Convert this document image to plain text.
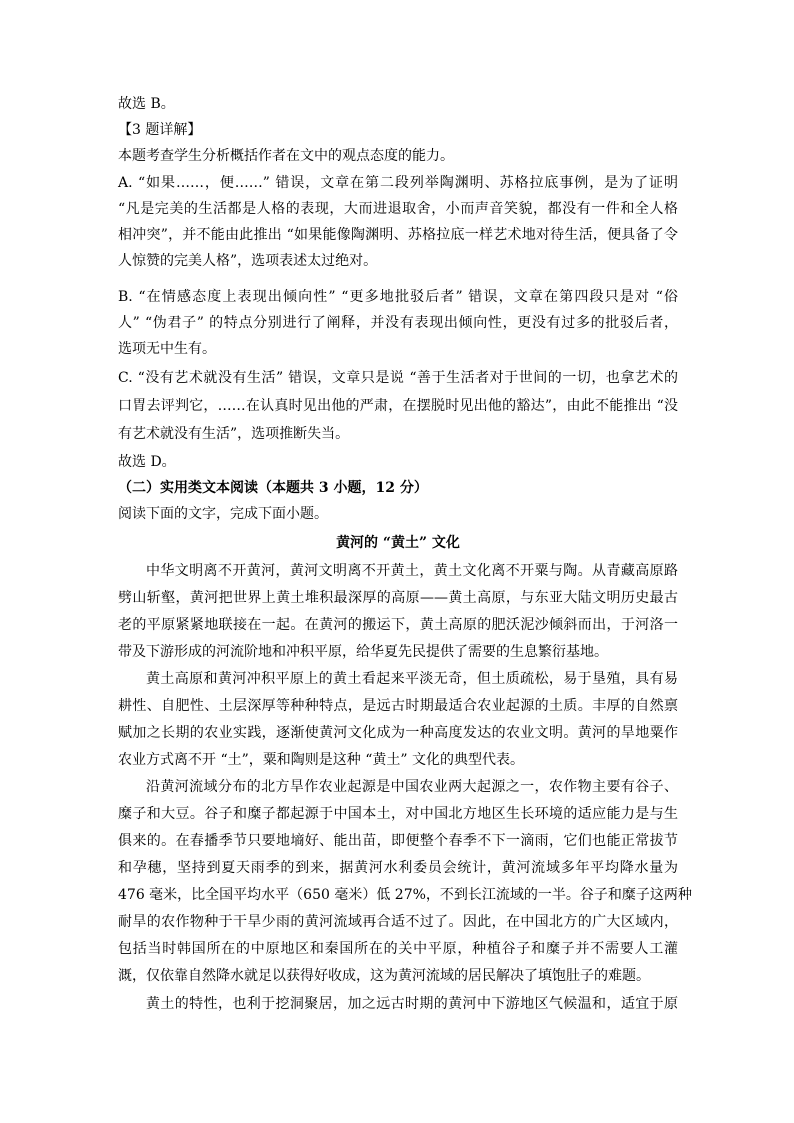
故选 B。
【3 题详解】
本题考查学生分析概括作者在文中的观点态度的能力。
A. “如果……，便……” 错误，文章在第二段列举陶渊明、苏格拉底事例，是为了证明
“凡是完美的生活都是人格的表现，大而进退取舍，小而声音笑貌，都没有一件和全人格
相冲突”，并不能由此推出 “如果能像陶渊明、苏格拉底一样艺术地对待生活，便具备了令
人惊赞的完美人格”，选项表述太过绝对。
B. “在情感态度上表现出倾向性” “更多地批驳后者” 错误，文章在第四段只是对 “俗
人” “伪君子” 的特点分别进行了阐释，并没有表现出倾向性，更没有过多的批驳后者，
选项无中生有。
C. “没有艺术就没有生活” 错误，文章只是说 “善于生活者对于世间的一切，也拿艺术的
口胃去评判它，……在认真时见出他的严肃，在摆脱时见出他的豁达”，由此不能推出 “没
有艺术就没有生活”，选项推断失当。
故选 D。
（二）实用类文本阅读（本题共 3 小题，12 分）
阅读下面的文字，完成下面小题。
黄河的 “黄土” 文化
中华文明离不开黄河，黄河文明离不开黄土，黄土文化离不开粟与陶。从青藏高原路
劈山斩壑，黄河把世界上黄土堆积最深厚的高原——黄土高原，与东亚大陆文明历史最古
老的平原紧紧地联接在一起。在黄河的搬运下，黄土高原的肥沃泥沙倾斜而出，于河洛一
带及下游形成的河流阶地和冲积平原，给华夏先民提供了需要的生息繁衍基地。
黄土高原和黄河冲积平原上的黄土看起来平淡无奇，但土质疏松，易于垦殖，具有易
耕性、自肥性、土层深厚等种种特点，是远古时期最适合农业起源的土质。丰厚的自然禀
赋加之长期的农业实践，逐渐使黄河文化成为一种高度发达的农业文明。黄河的旱地粟作
农业方式离不开 “土”，粟和陶则是这种 “黄土” 文化的典型代表。
沿黄河流域分布的北方旱作农业起源是中国农业两大起源之一，农作物主要有谷子、
糜子和大豆。谷子和糜子都起源于中国本土，对中国北方地区生长环境的适应能力是与生
俱来的。在春播季节只要地墒好、能出苗，即便整个春季不下一滴雨，它们也能正常拔节
和孕穗，坚持到夏天雨季的到来，据黄河水利委员会统计，黄河流域多年平均降水量为
476 毫米，比全国平均水平（650 毫米）低 27%，不到长江流域的一半。谷子和糜子这两种
耐旱的农作物种于干旱少雨的黄河流域再合适不过了。因此，在中国北方的广大区域内，
包括当时韩国所在的中原地区和秦国所在的关中平原，种植谷子和糜子并不需要人工灌
溉，仅依靠自然降水就足以获得好收成，这为黄河流域的居民解决了填饱肚子的难题。
黄土的特性，也利于挖洞聚居，加之远古时期的黄河中下游地区气候温和，适宜于原
